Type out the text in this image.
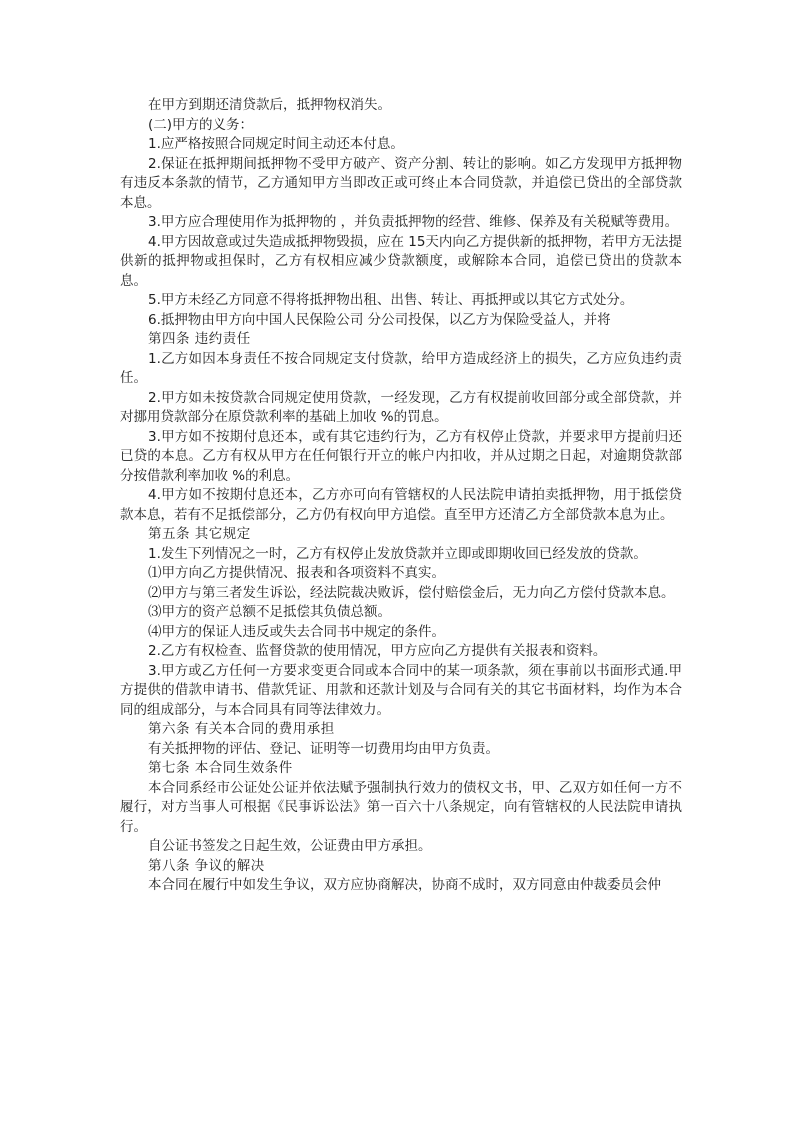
在甲方到期还清贷款后，抵押物权消失。

(二)甲方的义务：

1.应严格按照合同规定时间主动还本付息。

2.保证在抵押期间抵押物不受甲方破产、资产分割、转让的影响。如乙方发现甲方抵押物有违反本条款的情节，乙方通知甲方当即改正或可终止本合同贷款，并追偿已贷出的全部贷款本息。

3.甲方应合理使用作为抵押物的 ，并负责抵押物的经营、维修、保养及有关税赋等费用。

4.甲方因故意或过失造成抵押物毁损，应在 15天内向乙方提供新的抵押物，若甲方无法提供新的抵押物或担保时，乙方有权相应减少贷款额度，或解除本合同，追偿已贷出的贷款本息。

5.甲方未经乙方同意不得将抵押物出租、出售、转让、再抵押或以其它方式处分。

6.抵押物由甲方向中国人民保险公司 分公司投保，以乙方为保险受益人，并将

第四条 违约责任

1.乙方如因本身责任不按合同规定支付贷款，给甲方造成经济上的损失，乙方应负违约责任。

2.甲方如未按贷款合同规定使用贷款，一经发现，乙方有权提前收回部分或全部贷款，并对挪用贷款部分在原贷款利率的基础上加收 %的罚息。

3.甲方如不按期付息还本，或有其它违约行为，乙方有权停止贷款，并要求甲方提前归还已贷的本息。乙方有权从甲方在任何银行开立的帐户内扣收，并从过期之日起，对逾期贷款部分按借款利率加收 %的利息。

4.甲方如不按期付息还本，乙方亦可向有管辖权的人民法院申请拍卖抵押物，用于抵偿贷款本息，若有不足抵偿部分，乙方仍有权向甲方追偿。直至甲方还清乙方全部贷款本息为止。

第五条 其它规定

1.发生下列情况之一时，乙方有权停止发放贷款并立即或即期收回已经发放的贷款。

⑴甲方向乙方提供情况、报表和各项资料不真实。

⑵甲方与第三者发生诉讼，经法院裁决败诉，偿付赔偿金后，无力向乙方偿付贷款本息。

⑶甲方的资产总额不足抵偿其负债总额。

⑷甲方的保证人违反或失去合同书中规定的条件。

2.乙方有权检查、监督贷款的使用情况，甲方应向乙方提供有关报表和资料。

3.甲方或乙方任何一方要求变更合同或本合同中的某一项条款，须在事前以书面形式通.甲方提供的借款申请书、借款凭证、用款和还款计划及与合同有关的其它书面材料，均作为本合同的组成部分，与本合同具有同等法律效力。

第六条 有关本合同的费用承担

有关抵押物的评估、登记、证明等一切费用均由甲方负责。

第七条 本合同生效条件

本合同系经市公证处公证并依法赋予强制执行效力的债权文书，甲、乙双方如任何一方不履行，对方当事人可根据《民事诉讼法》第一百六十八条规定，向有管辖权的人民法院申请执行。

自公证书签发之日起生效，公证费由甲方承担。

第八条 争议的解决

本合同在履行中如发生争议，双方应协商解决，协商不成时，双方同意由仲裁委员会仲
